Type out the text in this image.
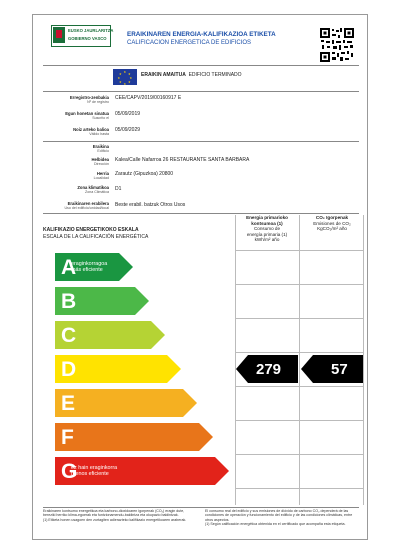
EUSKO JAURLARITZA
GOBIERNO VASCO
ERAIKINAREN ENERGIA-KALIFIKAZIOA ETIKETA
CALIFICACION ENERGETICA DE EDIFICIOS
★ ★
★
★
★
★
★
★	ERAIKIN AMAITUA EDIFICIO TERMINADO
Erregistro-zenbakia
Nº de registro
CEE/CAPV/2019/00160917 E
Egun honetan sinatua
Suscrito el
05/09/2019
Noiz arteko balioa
Válido hasta
05/09/2029
Eraikina
Edificio
Helbidea
Dirección
Kalea/Calle Nafarroa 26 RESTAURANTE SANTA BARBARA
Herria
Localidad
Zarautz (Gipuzkoa) 20800
Zona klimatikoa
Zona Climática D1
Eraikinaren erabilera
Uso del edificio/unidad/local Beste erabil. batzuk Otros Usos
KALIFIKAZIO ENERGETIKOKO ESKALA
ESCALA DE LA CALIFICACIÓN ENERGÉTICA
Energia primarioko
kontsumoa (1)
Consumo de
energía primaria (1)
kWh/m² año
CO₂ Igorpenak
Emisiones de CO₂
KgCO₂/m² año
A
eraginkorragoa
más eficiente
B

C

D

E

F

G
ez hain eraginkorra
menos eficiente
279	57
Eraikinaren kontsumo energetikoa eta karbono-dioxidoaren igorpenak (CO₂) eragin dute, bereziki herriko klima-egoerak eta funtzionamendu-baldintza eta okupazio baldintzak.
(1) Etiketa honen usagoen den zurtagiten adierazteko kalifikazio energetikoaren araberak.
El consumo real del edificio y sus emisiones de dióxido de carbono CO₂ dependerá de las condiciones de operación y funcionamiento del edificio y de las condiciones climáticas, entre otros aspectos.
(1) Según calificación energética obtenida en el certificado que acompaña esta etiqueta.
